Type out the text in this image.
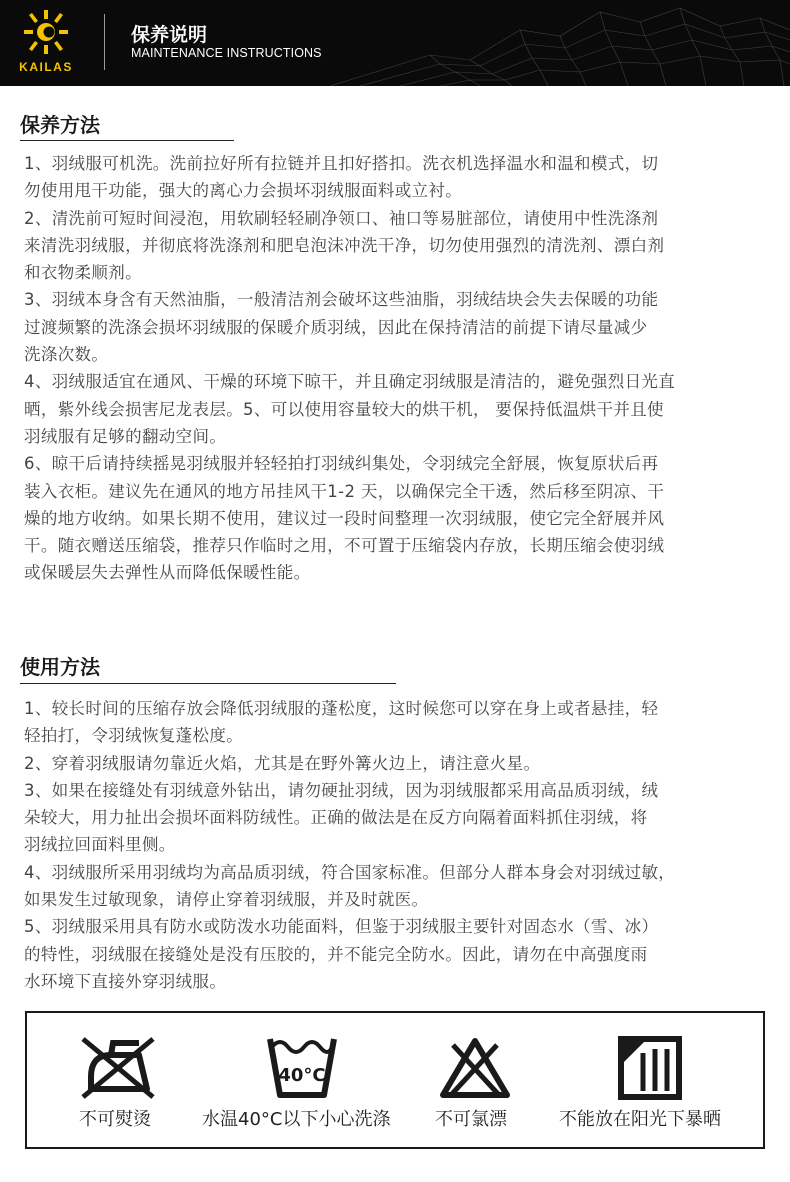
KAILAS
保养说明
MAINTENANCE INSTRUCTIONS
保养方法

1、羽绒服可机洗。洗前拉好所有拉链并且扣好搭扣。洗衣机选择温水和温和模式，切

勿使用甩干功能，强大的离心力会损坏羽绒服面料或立衬。

2、清洗前可短时间浸泡，用软刷轻轻刷净领口、袖口等易脏部位，请使用中性洗涤剂

来清洗羽绒服，并彻底将洗涤剂和肥皂泡沫冲洗干净，切勿使用强烈的清洗剂、漂白剂

和衣物柔顺剂。

3、羽绒本身含有天然油脂，一般清洁剂会破坏这些油脂，羽绒结块会失去保暖的功能

过渡频繁的洗涤会损坏羽绒服的保暖介质羽绒，因此在保持清洁的前提下请尽量减少

洗涤次数。

4、羽绒服适宜在通风、干燥的环境下晾干，并且确定羽绒服是清洁的，避免强烈日光直

晒，紫外线会损害尼龙表层。5、可以使用容量较大的烘干机， 要保持低温烘干并且使

羽绒服有足够的翻动空间。

6、晾干后请持续摇晃羽绒服并轻轻拍打羽绒纠集处，令羽绒完全舒展，恢复原状后再

装入衣柜。建议先在通风的地方吊挂风干1-2 天，以确保完全干透，然后移至阴凉、干

燥的地方收纳。如果长期不使用，建议过一段时间整理一次羽绒服，使它完全舒展并风

干。随衣赠送压缩袋，推荐只作临时之用，不可置于压缩袋内存放，长期压缩会使羽绒

或保暖层失去弹性从而降低保暖性能。

使用方法

1、较长时间的压缩存放会降低羽绒服的蓬松度，这时候您可以穿在身上或者悬挂，轻

轻拍打，令羽绒恢复蓬松度。

2、穿着羽绒服请勿靠近火焰，尤其是在野外篝火边上，请注意火星。

3、如果在接缝处有羽绒意外钻出，请勿硬扯羽绒，因为羽绒服都采用高品质羽绒，绒

朵较大，用力扯出会损坏面料防绒性。正确的做法是在反方向隔着面料抓住羽绒，将

羽绒拉回面料里侧。

4、羽绒服所采用羽绒均为高品质羽绒，符合国家标准。但部分人群本身会对羽绒过敏，

如果发生过敏现象，请停止穿着羽绒服，并及时就医。

5、羽绒服采用具有防水或防泼水功能面料，但鉴于羽绒服主要针对固态水（雪、冰）

的特性，羽绒服在接缝处是没有压胶的，并不能完全防水。因此，请勿在中高强度雨

水环境下直接外穿羽绒服。

不可熨烫
40°C
水温40°C以下小心洗涤 不可氯漂	不能放在阳光下暴晒
